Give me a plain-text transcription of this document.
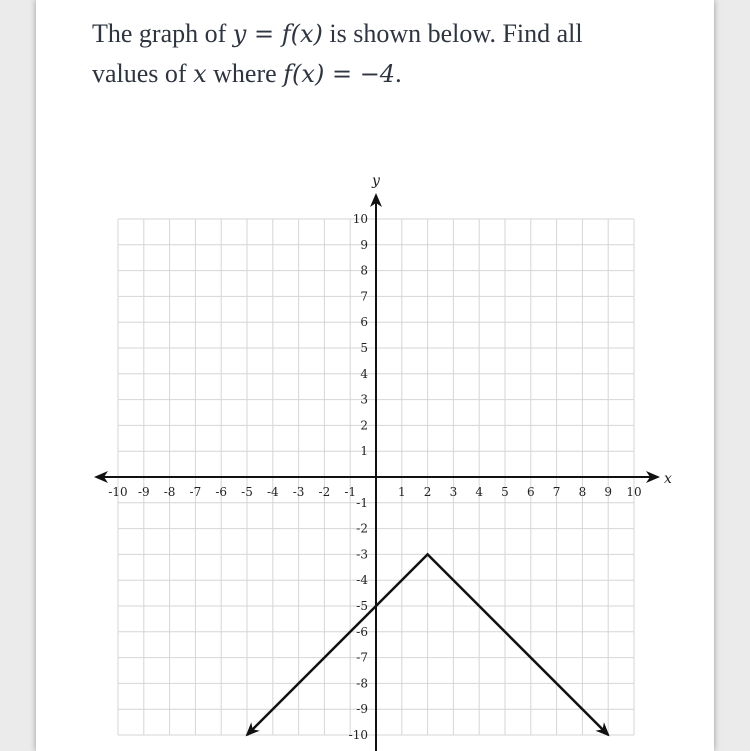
The graph of y = f(x) is shown below. Find all
values of x where f(x) = −4.
x
y
-10 -9 -8 -7 -6 -5 -4 -3 -2 -1	1 2 3 4 5 6 7 8 9 10
10
9
8
7
6
5
4
3
2
1
-1
-2
-3
-4
-5
-6
-7
-8
-9
-10
